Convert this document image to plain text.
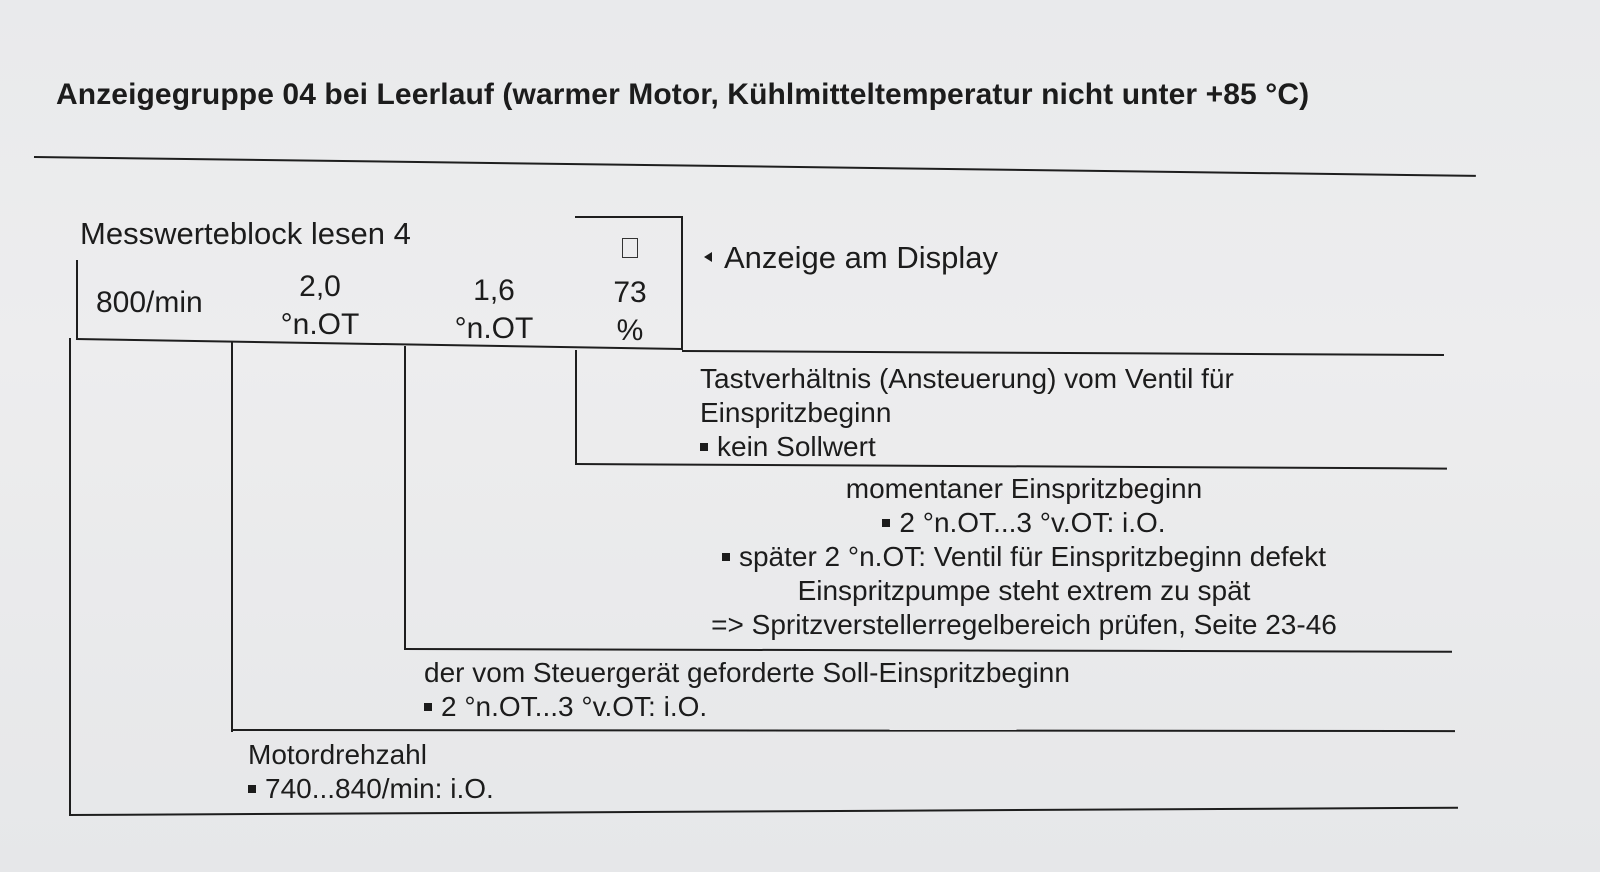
Anzeigegruppe 04 bei Leerlauf (warmer Motor, Kühlmitteltemperatur nicht unter +85 °C)
Messwerteblock lesen 4
800/min	2,0
°n.OT
1,6
°n.OT
73
%
Anzeige am Display
Tastverhältnis (Ansteuerung) vom Ventil für
Einspritzbeginn
kein Sollwert
momentaner Einspritzbeginn
2 °n.OT...3 °v.OT: i.O.
später 2 °n.OT: Ventil für Einspritzbeginn defekt
Einspritzpumpe steht extrem zu spät
=> Spritzverstellerregelbereich prüfen, Seite 23-46
der vom Steuergerät geforderte Soll-Einspritzbeginn
2 °n.OT...3 °v.OT: i.O.
Motordrehzahl
740...840/min: i.O.
